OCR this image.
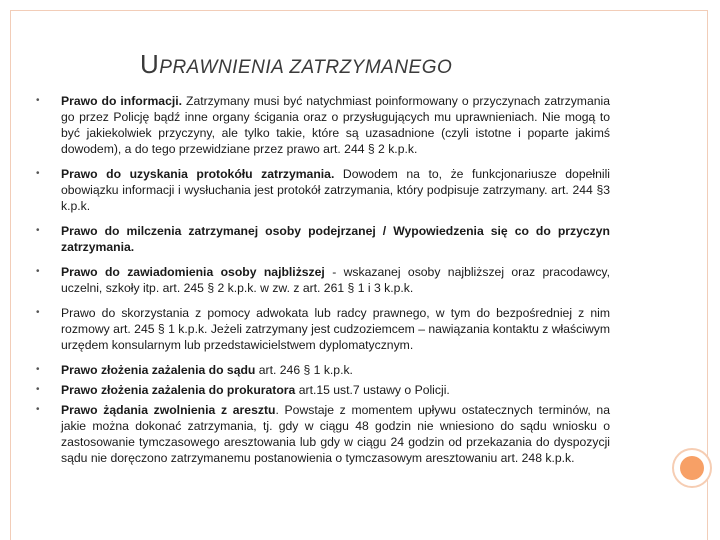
UPRAWNIENIA ZATRZYMANEGO
• Prawo do informacji. Zatrzymany musi być natychmiast poinformowany o przyczynach zatrzymania go przez Policję bądź inne organy ścigania oraz o przysługujących mu uprawnieniach. Nie mogą to być jakiekolwiek przyczyny, ale tylko takie, które są uzasadnione (czyli istotne i poparte jakimś dowodem), a do tego przewidziane przez prawo art. 244 § 2 k.p.k.
• Prawo do uzyskania protokółu zatrzymania. Dowodem na to, że funkcjonariusze dopełnili obowiązku informacji i wysłuchania jest protokół zatrzymania, który podpisuje zatrzymany. art. 244 §3 k.p.k.
• Prawo do milczenia zatrzymanej osoby podejrzanej / Wypowiedzenia się co do przyczyn zatrzymania.
• Prawo do zawiadomienia osoby najbliższej - wskazanej osoby najbliższej oraz pracodawcy, uczelni, szkoły itp. art. 245 § 2 k.p.k. w zw. z art. 261 § 1 i 3 k.p.k.
• Prawo do skorzystania z pomocy adwokata lub radcy prawnego, w tym do bezpośredniej z nim rozmowy art. 245 § 1 k.p.k. Jeżeli zatrzymany jest cudzoziemcem – nawiązania kontaktu z właściwym urzędem konsularnym lub przedstawicielstwem dyplomatycznym.
• Prawo złożenia zażalenia do sądu art. 246 § 1 k.p.k.
• Prawo złożenia zażalenia do prokuratora art.15 ust.7 ustawy o Policji.
• Prawo żądania zwolnienia z aresztu. Powstaje z momentem upływu ostatecznych terminów, na jakie można dokonać zatrzymania, tj. gdy w ciągu 48 godzin nie wniesiono do sądu wniosku o zastosowanie tymczasowego aresztowania lub gdy w ciągu 24 godzin od przekazania do dyspozycji sądu nie doręczono zatrzymanemu postanowienia o tymczasowym aresztowaniu art. 248 k.p.k.
